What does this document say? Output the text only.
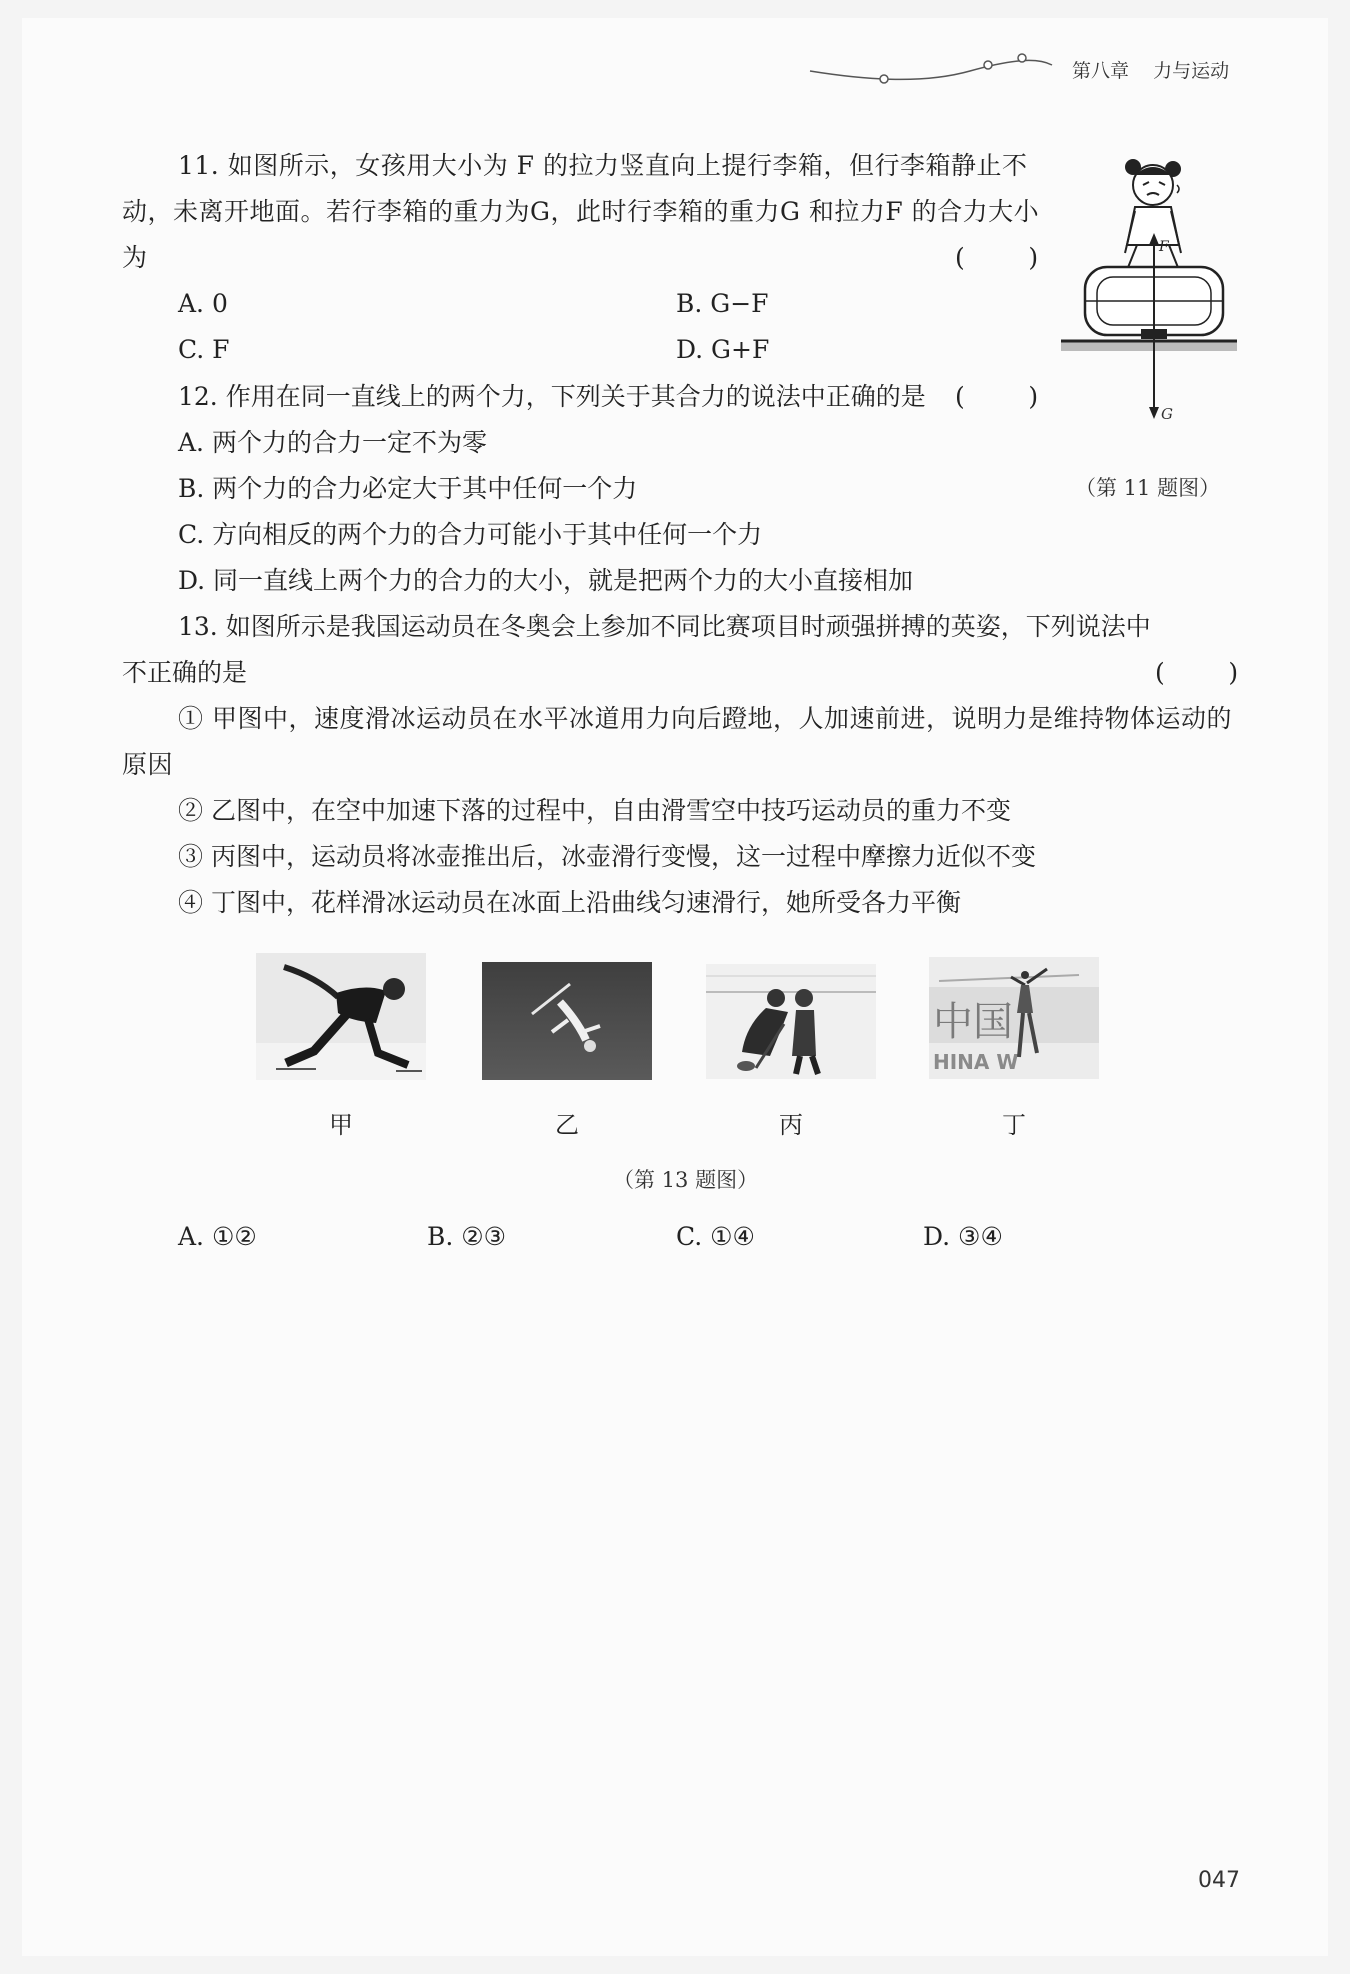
第八章    力与运动

11. 如图所示，女孩用大小为 F 的拉力竖直向上提行李箱，但行李箱静止不动，未离开地面。若行李箱的重力为G，此时行李箱的重力G 和拉力F 的合力大小为	(        )
A. 0	B. G−F
C. F	D. G+F
F
G
（第 11 题图）
12. 作用在同一直线上的两个力，下列关于其合力的说法中正确的是 (        )
A. 两个力的合力一定不为零
B. 两个力的合力必定大于其中任何一个力
C. 方向相反的两个力的合力可能小于其中任何一个力
D. 同一直线上两个力的合力的大小，就是把两个力的大小直接相加
13. 如图所示是我国运动员在冬奥会上参加不同比赛项目时顽强拼搏的英姿，下列说法中
不正确的是	(        )

① 甲图中，速度滑冰运动员在水平冰道用力向后蹬地，人加速前进，说明力是维持物体运动的原因

② 乙图中，在空中加速下落的过程中，自由滑雪空中技巧运动员的重力不变
③ 丙图中，运动员将冰壶推出后，冰壶滑行变慢，这一过程中摩擦力近似不变
④ 丁图中，花样滑冰运动员在冰面上沿曲线匀速滑行，她所受各力平衡
甲	乙	丙
中国
HINA W
丁
（第 13 题图）
A. ①②	B. ②③	C. ①④	D. ③④
047
